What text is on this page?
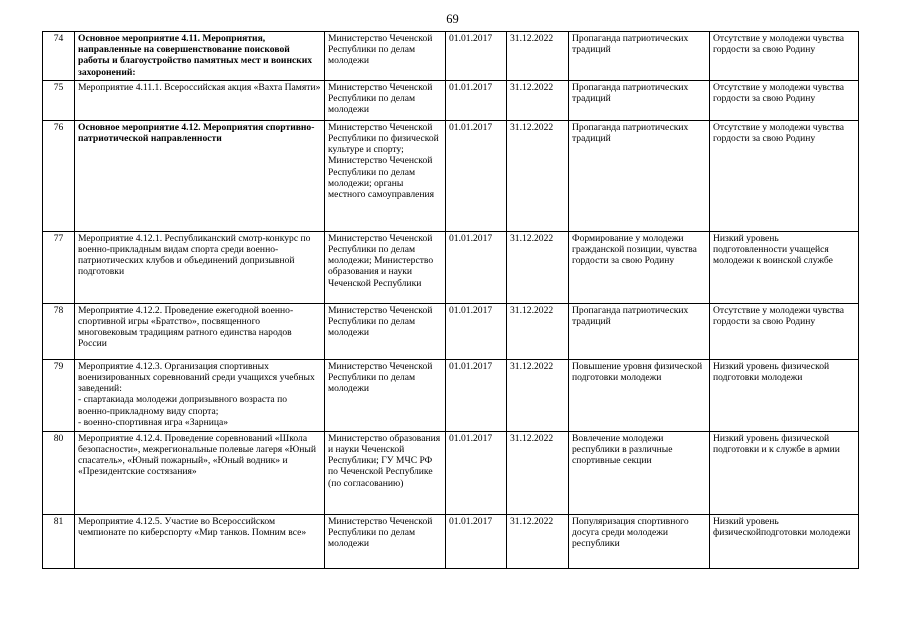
69
74	Основное мероприятие 4.11. Мероприятия, направленные на совершенствование поисковой работы и благоустройство памятных мест и воинских захоронений:	Министерство Чеченской Республики по делам молодежи	01.01.2017	31.12.2022	Пропаганда патриотических традиций	Отсутствие у молодежи чувства гордости за свою Родину
75	Мероприятие 4.11.1. Всероссийская акция «Вахта Памяти»	Министерство Чеченской Республики по делам молодежи	01.01.2017	31.12.2022	Пропаганда патриотических традиций	Отсутствие у молодежи чувства гордости за свою Родину
76	Основное мероприятие 4.12. Мероприятия спортивно-патриотической направленности	Министерство Чеченской Республики по физической культуре и спорту; Министерство Чеченской Республики по делам молодежи; органы местного самоуправления	01.01.2017	31.12.2022	Пропаганда патриотических традиций	Отсутствие у молодежи чувства гордости за свою Родину
77	Мероприятие 4.12.1. Республиканский смотр-конкурс по военно-прикладным видам спорта среди военно-патриотических клубов и объединений допризывной подготовки	Министерство Чеченской Республики по делам молодежи; Министерство образования и науки Чеченской Республики	01.01.2017	31.12.2022	Формирование у молодежи гражданской позиции, чувства гордости за свою Родину	Низкий уровень подготовленности учащейся молодежи к воинской службе
78	Мероприятие 4.12.2. Проведение ежегодной военно-спортивной игры «Братство», посвященного многовековым традициям ратного единства народов России	Министерство Чеченской Республики по делам молодежи	01.01.2017	31.12.2022	Пропаганда патриотических традиций	Отсутствие у молодежи чувства гордости за свою Родину
79	Мероприятие 4.12.3. Организация спортивных военизированных соревнований среди учащихся учебных заведений:
- спартакиада молодежи допризывного возраста по военно-прикладному виду спорта;
- военно-спортивная игра «Зарница»	Министерство Чеченской Республики по делам молодежи	01.01.2017	31.12.2022	Повышение уровня физической подготовки молодежи	Низкий уровень физической подготовки молодежи
80	Мероприятие 4.12.4. Проведение соревнований «Школа безопасности», межрегиональные полевые лагеря «Юный спасатель», «Юный пожарный», «Юный водник» и «Президентские состязания»	Министерство образования и науки Чеченской Республики; ГУ МЧС РФ по Чеченской Республике (по согласованию)	01.01.2017	31.12.2022	Вовлечение молодежи республики в различные спортивные секции	Низкий уровень физической подготовки и к службе в армии
81	Мероприятие 4.12.5. Участие во Всероссийском чемпионате по киберспорту «Мир танков. Помним все»	Министерство Чеченской Республики по делам молодежи	01.01.2017	31.12.2022	Популяризация спортивного досуга среди молодежи республики	Низкий уровень физическойподготовки молодежи
